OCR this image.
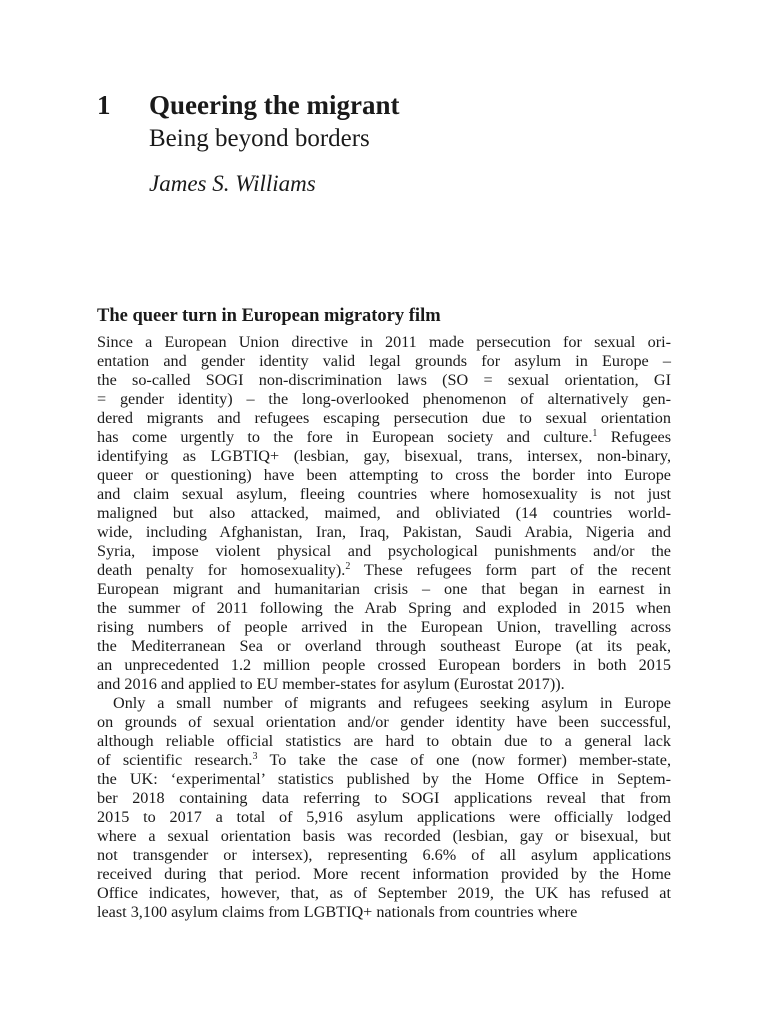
1	Queering the migrant
Being beyond borders
James S. Williams
The queer turn in European migratory film
Since a European Union directive in 2011 made persecution for sexual ori-
entation and gender identity valid legal grounds for asylum in Europe –
the so-called SOGI non-discrimination laws (SO = sexual orientation, GI
= gender identity) – the long-overlooked phenomenon of alternatively gen-
dered migrants and refugees escaping persecution due to sexual orientation
has come urgently to the fore in European society and culture.$^1$ Refugees
identifying as LGBTIQ+ (lesbian, gay, bisexual, trans, intersex, non-binary,
queer or questioning) have been attempting to cross the border into Europe
and claim sexual asylum, fleeing countries where homosexuality is not just
maligned but also attacked, maimed, and obliviated (14 countries world-
wide, including Afghanistan, Iran, Iraq, Pakistan, Saudi Arabia, Nigeria and
Syria, impose violent physical and psychological punishments and/or the
death penalty for homosexuality).$^2$ These refugees form part of the recent
European migrant and humanitarian crisis – one that began in earnest in
the summer of 2011 following the Arab Spring and exploded in 2015 when
rising numbers of people arrived in the European Union, travelling across
the Mediterranean Sea or overland through southeast Europe (at its peak,
an unprecedented 1.2 million people crossed European borders in both 2015
and 2016 and applied to EU member-states for asylum (Eurostat 2017)).
Only a small number of migrants and refugees seeking asylum in Europe
on grounds of sexual orientation and/or gender identity have been successful,
although reliable official statistics are hard to obtain due to a general lack
of scientific research.$^3$ To take the case of one (now former) member-state,
the UK: ‘experimental’ statistics published by the Home Office in Septem-
ber 2018 containing data referring to SOGI applications reveal that from
2015 to 2017 a total of 5,916 asylum applications were officially lodged
where a sexual orientation basis was recorded (lesbian, gay or bisexual, but
not transgender or intersex), representing 6.6% of all asylum applications
received during that period. More recent information provided by the Home
Office indicates, however, that, as of September 2019, the UK has refused at
least 3,100 asylum claims from LGBTIQ+ nationals from countries where
